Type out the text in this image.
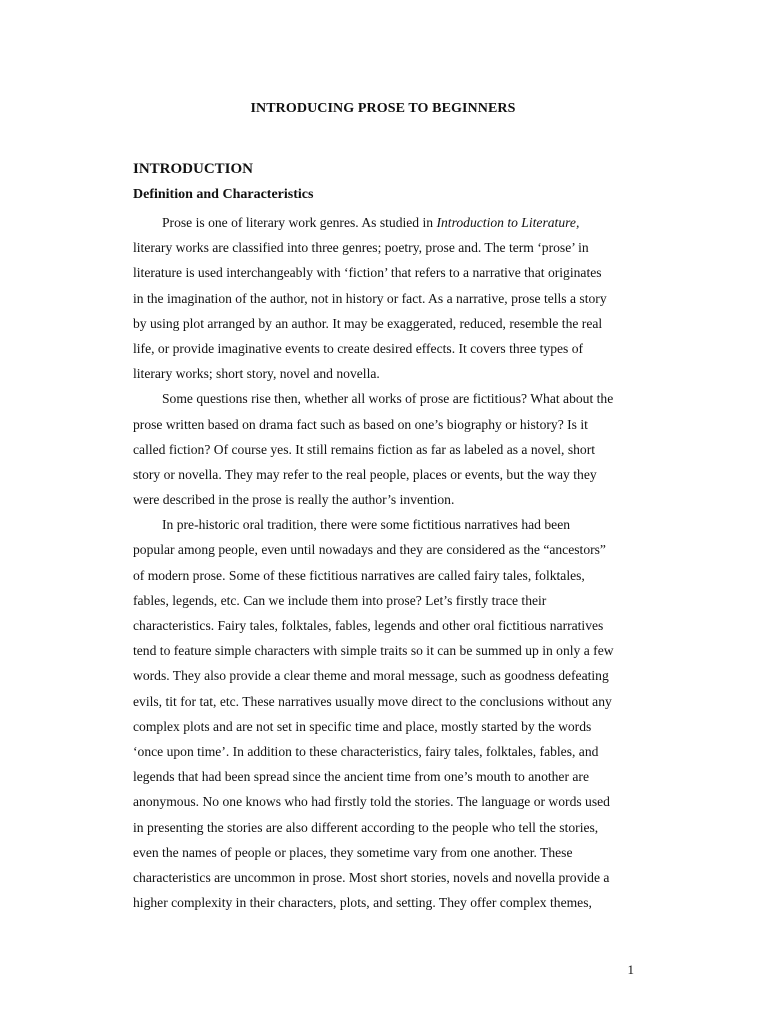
INTRODUCING PROSE TO BEGINNERS
INTRODUCTION
Definition and Characteristics
Prose is one of literary work genres. As studied in Introduction to Literature,
literary works are classified into three genres; poetry, prose and. The term ‘prose’ in
literature is used interchangeably with ‘fiction’ that refers to a narrative that originates
in the imagination of the author, not in history or fact. As a narrative, prose tells a story
by using plot arranged by an author. It may be exaggerated, reduced, resemble the real
life, or provide imaginative events to create desired effects. It covers three types of
literary works; short story, novel and novella.
Some questions rise then, whether all works of prose are fictitious? What about the
prose written based on drama fact such as based on one’s biography or history? Is it
called fiction? Of course yes. It still remains fiction as far as labeled as a novel, short
story or novella. They may refer to the real people, places or events, but the way they
were described in the prose is really the author’s invention.
In pre-historic oral tradition, there were some fictitious narratives had been
popular among people, even until nowadays and they are considered as the “ancestors”
of modern prose. Some of these fictitious narratives are called fairy tales, folktales,
fables, legends, etc. Can we include them into prose? Let’s firstly trace their
characteristics. Fairy tales, folktales, fables, legends and other oral fictitious narratives
tend to feature simple characters with simple traits so it can be summed up in only a few
words. They also provide a clear theme and moral message, such as goodness defeating
evils, tit for tat, etc. These narratives usually move direct to the conclusions without any
complex plots and are not set in specific time and place, mostly started by the words
‘once upon time’. In addition to these characteristics, fairy tales, folktales, fables, and
legends that had been spread since the ancient time from one’s mouth to another are
anonymous. No one knows who had firstly told the stories. The language or words used
in presenting the stories are also different according to the people who tell the stories,
even the names of people or places, they sometime vary from one another. These
characteristics are uncommon in prose. Most short stories, novels and novella provide a
higher complexity in their characters, plots, and setting. They offer complex themes,

1
